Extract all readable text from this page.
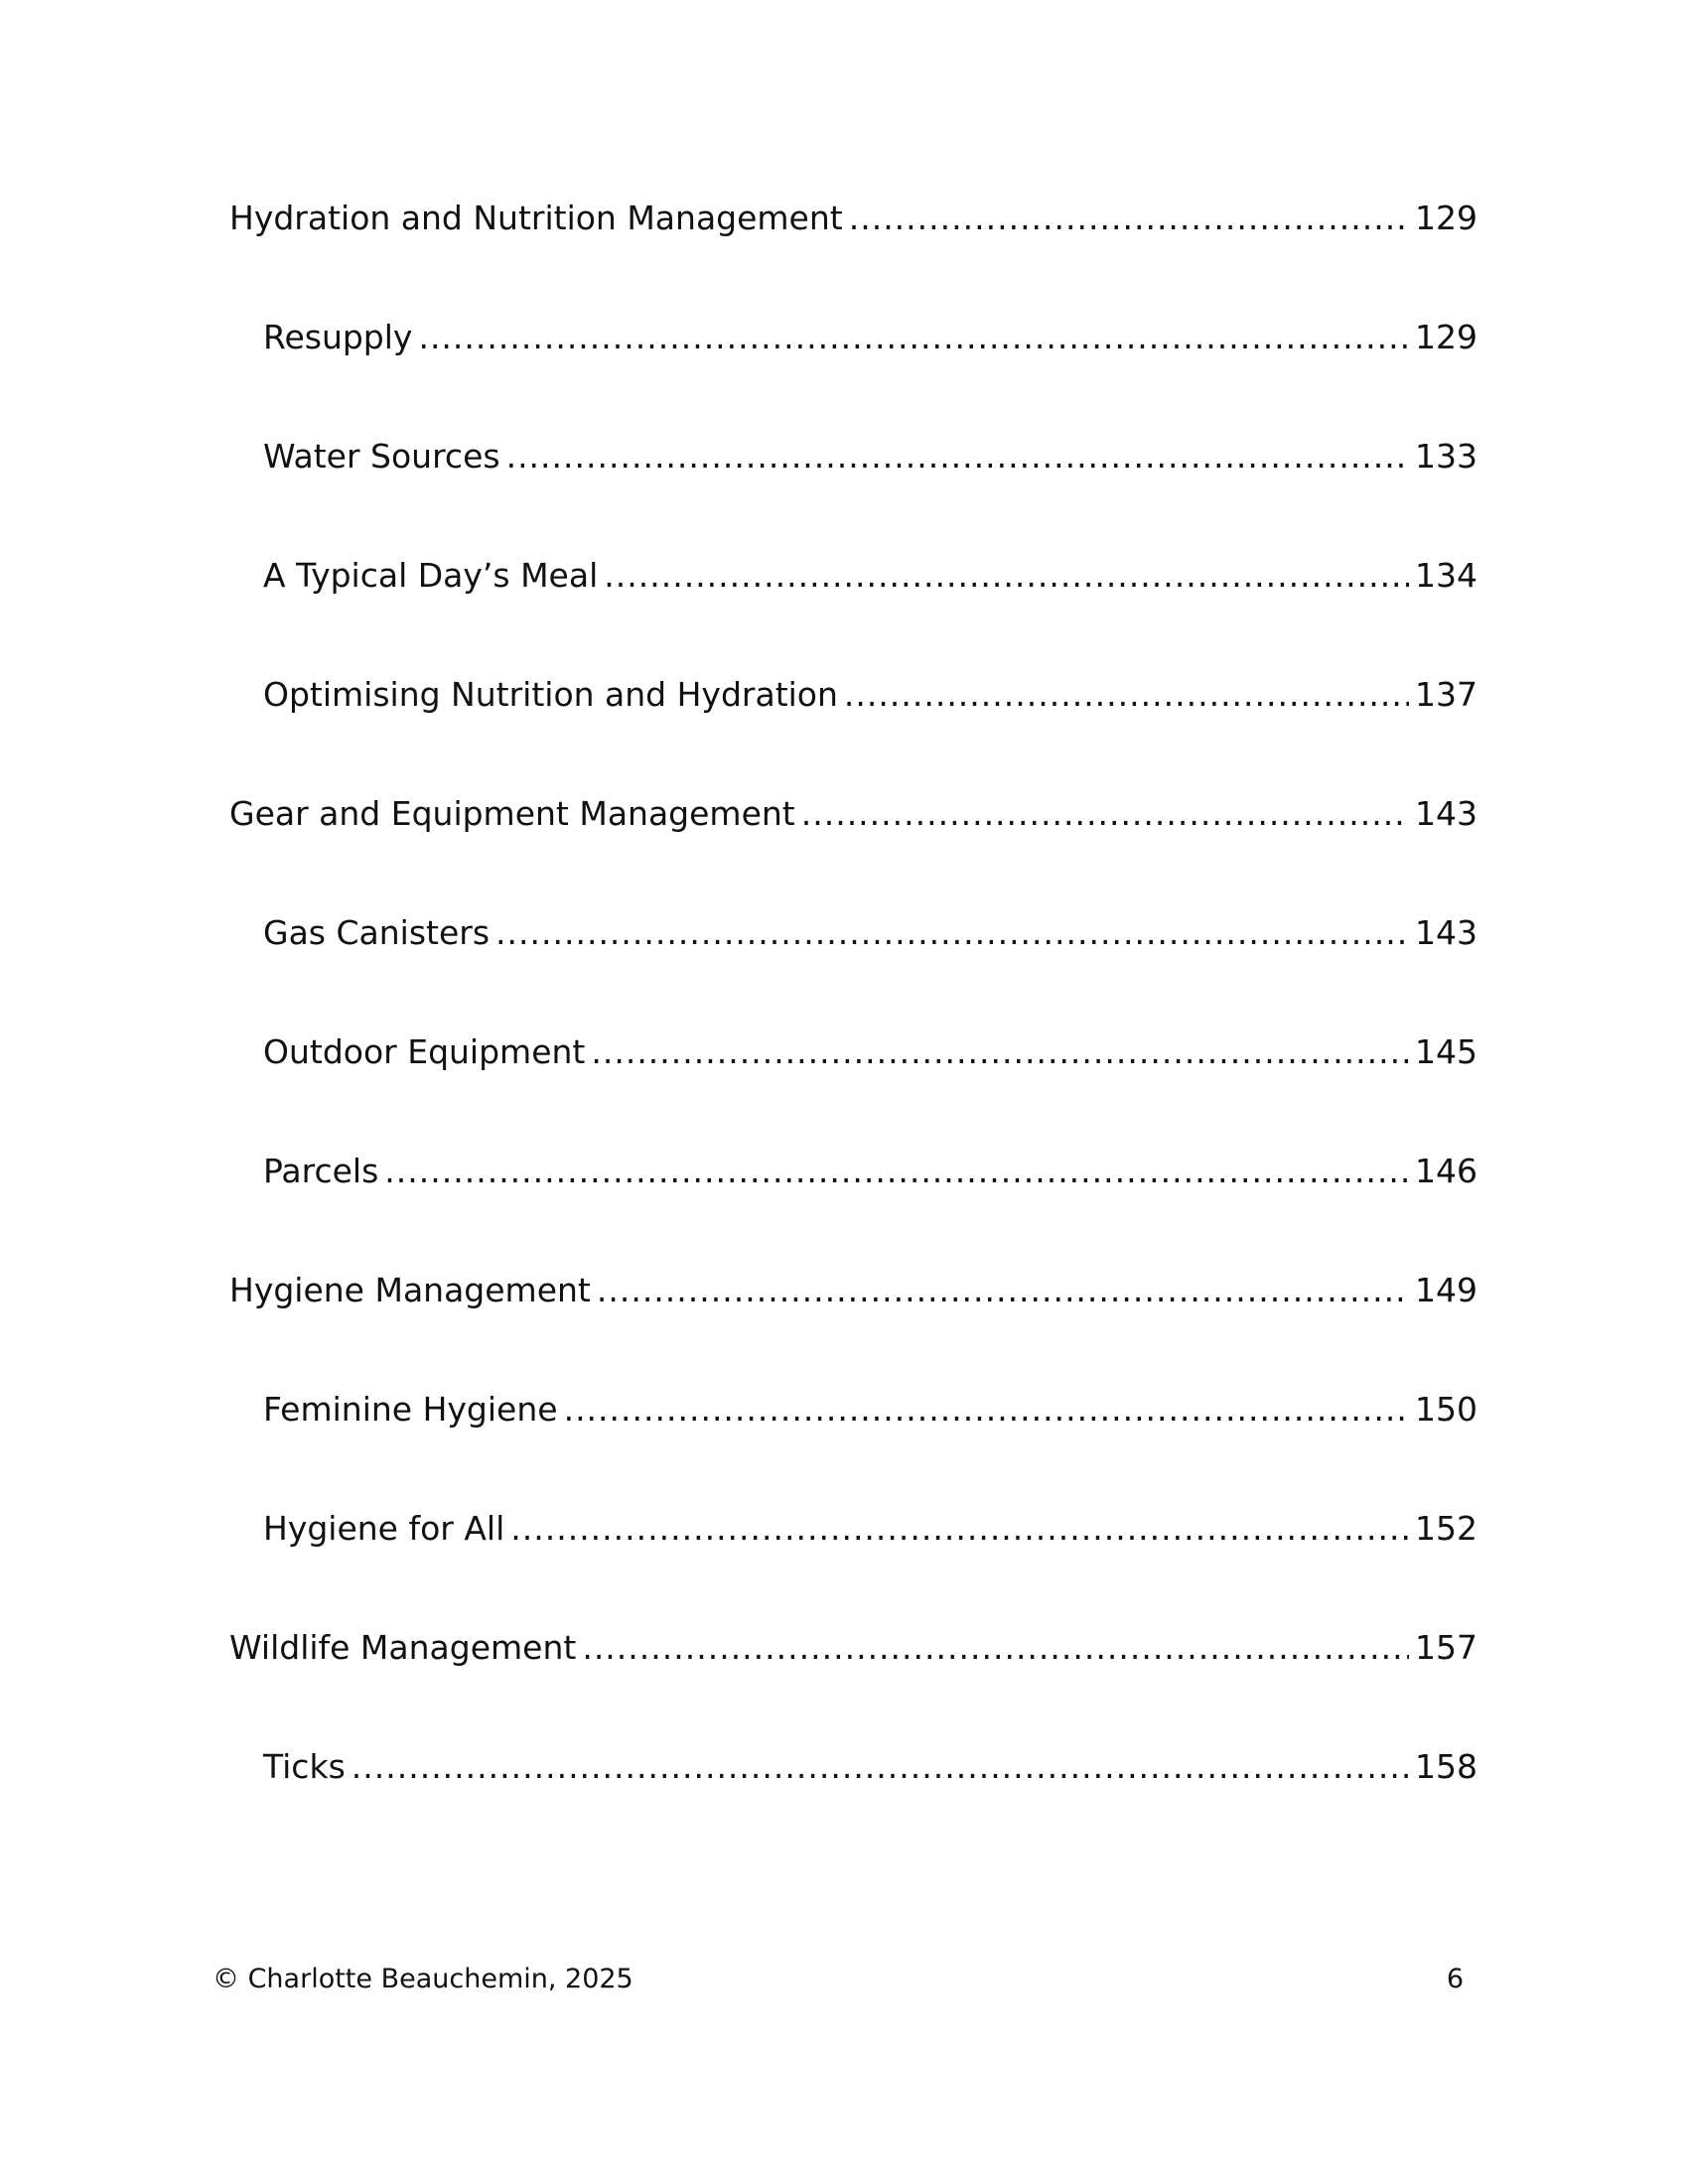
Hydration and Nutrition Management .....	129
Resupply .....	129
Water Sources .....	133
A Typical Day’s Meal .....	134
Optimising Nutrition and Hydration .....	137
Gear and Equipment Management .....	143
Gas Canisters .....	143
Outdoor Equipment .....	145
Parcels .....	146
Hygiene Management .....	149
Feminine Hygiene .....	150
Hygiene for All .....	152
Wildlife Management .....	157
Ticks .....	158
© Charlotte Beauchemin, 2025	6
